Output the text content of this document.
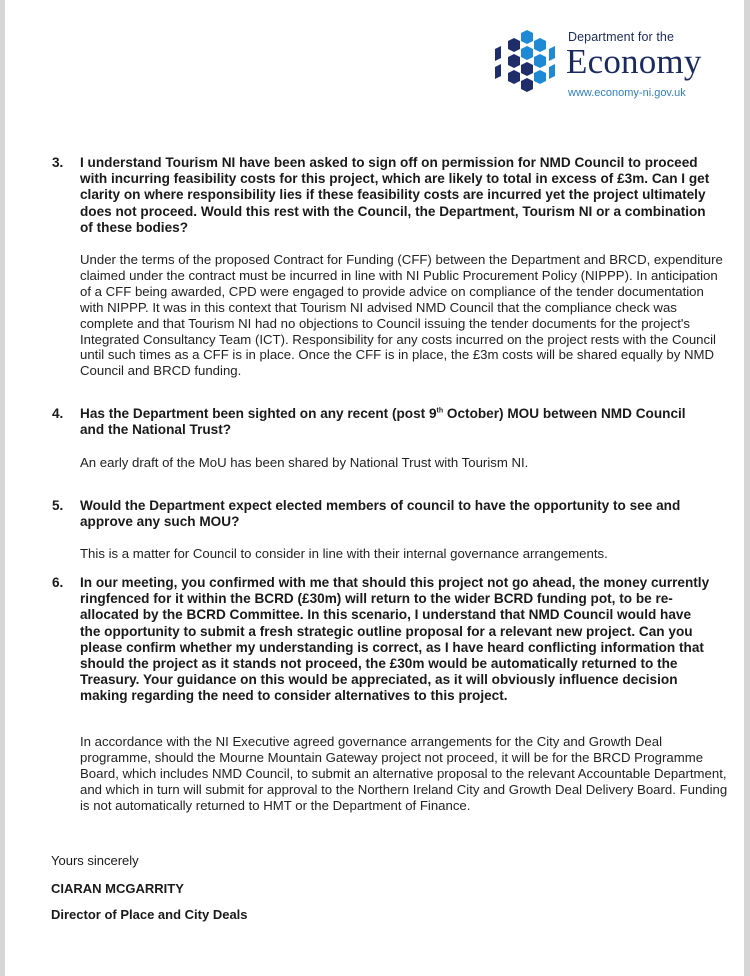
Department for the
Economy
www.economy-ni.gov.uk
3.	I understand Tourism NI have been asked to sign off on permission for NMD Council to proceed with incurring feasibility costs for this project, which are likely to total in excess of £3m. Can I get clarity on where responsibility lies if these feasibility costs are incurred yet the project ultimately does not proceed. Would this rest with the Council, the Department, Tourism NI or a combination of these bodies?
Under the terms of the proposed Contract for Funding (CFF) between the Department and BRCD, expenditure claimed under the contract must be incurred in line with NI Public Procurement Policy (NIPPP). In anticipation of a CFF being awarded, CPD were engaged to provide advice on compliance of the tender documentation with NIPPP. It was in this context that Tourism NI advised NMD Council that the compliance check was complete and that Tourism NI had no objections to Council issuing the tender documents for the project's Integrated Consultancy Team (ICT). Responsibility for any costs incurred on the project rests with the Council until such times as a CFF is in place. Once the CFF is in place, the £3m costs will be shared equally by NMD Council and BRCD funding.
4.	Has the Department been sighted on any recent (post 9th October) MOU between NMD Council and the National Trust?
An early draft of the MoU has been shared by National Trust with Tourism NI.
5.	Would the Department expect elected members of council to have the opportunity to see and approve any such MOU?
This is a matter for Council to consider in line with their internal governance arrangements.
6.	In our meeting, you confirmed with me that should this project not go ahead, the money currently ringfenced for it within the BCRD (£30m) will return to the wider BCRD funding pot, to be re-allocated by the BCRD Committee. In this scenario, I understand that NMD Council would have the opportunity to submit a fresh strategic outline proposal for a relevant new project. Can you please confirm whether my understanding is correct, as I have heard conflicting information that should the project as it stands not proceed, the £30m would be automatically returned to the Treasury. Your guidance on this would be appreciated, as it will obviously influence decision making regarding the need to consider alternatives to this project.
In accordance with the NI Executive agreed governance arrangements for the City and Growth Deal programme, should the Mourne Mountain Gateway project not proceed, it will be for the BRCD Programme Board, which includes NMD Council, to submit an alternative proposal to the relevant Accountable Department, and which in turn will submit for approval to the Northern Ireland City and Growth Deal Delivery Board. Funding is not automatically returned to HMT or the Department of Finance.
Yours sincerely
CIARAN MCGARRITY
Director of Place and City Deals
